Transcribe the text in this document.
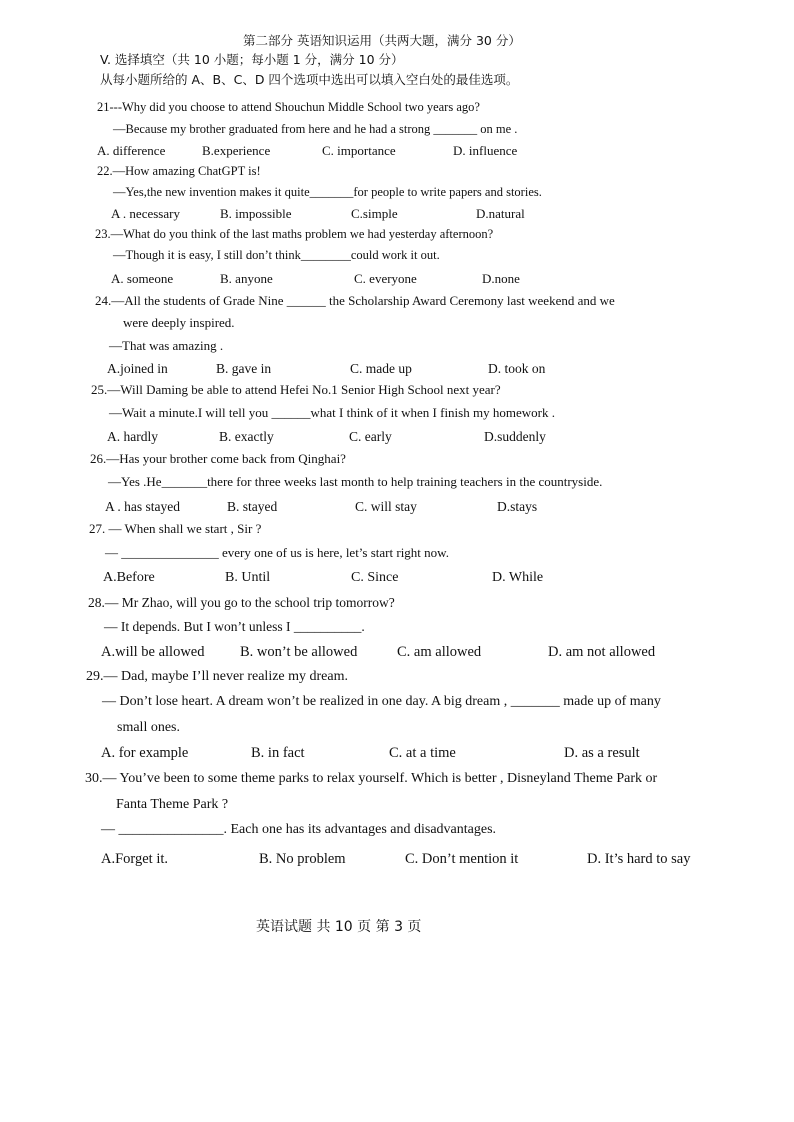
第二部分 英语知识运用（共两大题，满分 30 分）
V. 选择填空（共 10 小题；每小题 1 分，满分 10 分）
从每小题所给的 A、B、C、D 四个选项中选出可以填入空白处的最佳选项。
21---Why did you choose to attend Shouchun Middle School two years ago?
—Because my brother graduated from here and he had a strong _______ on me .
A. difference	B.experience	C. importance	D. influence
22.—How amazing ChatGPT is!
—Yes,the new invention makes it quite_______for people to write papers and stories.
A . necessary	B. impossible	C.simple	D.natural
23.—What do you think of the last maths problem we had yesterday afternoon?
—Though it is easy, I still don’t think________could work it out.
A. someone	B. anyone	C. everyone	D.none
24.—All the students of Grade Nine ______ the Scholarship Award Ceremony last weekend and we
were deeply inspired.
—That was amazing .
A.joined in	B. gave in	C. made up	D. took on
25.—Will Daming be able to attend Hefei No.1 Senior High School next year?
—Wait a minute.I will tell you ______what I think of it when I finish my homework .
A. hardly	B. exactly	C. early	D.suddenly
26.—Has your brother come back from Qinghai?
—Yes .He_______there for three weeks last month to help training teachers in the countryside.
A . has stayed	B. stayed	C. will stay	D.stays
27. — When shall we start , Sir ?
— _______________ every one of us is here, let’s start right now.
A.Before	B. Until	C. Since	D. While
28.— Mr Zhao, will you go to the school trip tomorrow?
— It depends. But I won’t unless I __________.
A.will be allowed B. won’t be allowed	C. am allowed	D. am not allowed
29.— Dad, maybe I’ll never realize my dream.
— Don’t lose heart. A dream won’t be realized in one day. A big dream , _______ made up of many
small ones.
A. for example	B. in fact	C. at a time	D. as a result
30.— You’ve been to some theme parks to relax yourself. Which is better , Disneyland Theme Park or
Fanta Theme Park ?
— _______________. Each one has its advantages and disadvantages.
A.Forget it.	B. No problem	C. Don’t mention it	D. It’s hard to say
英语试题 共 10 页 第 3 页
